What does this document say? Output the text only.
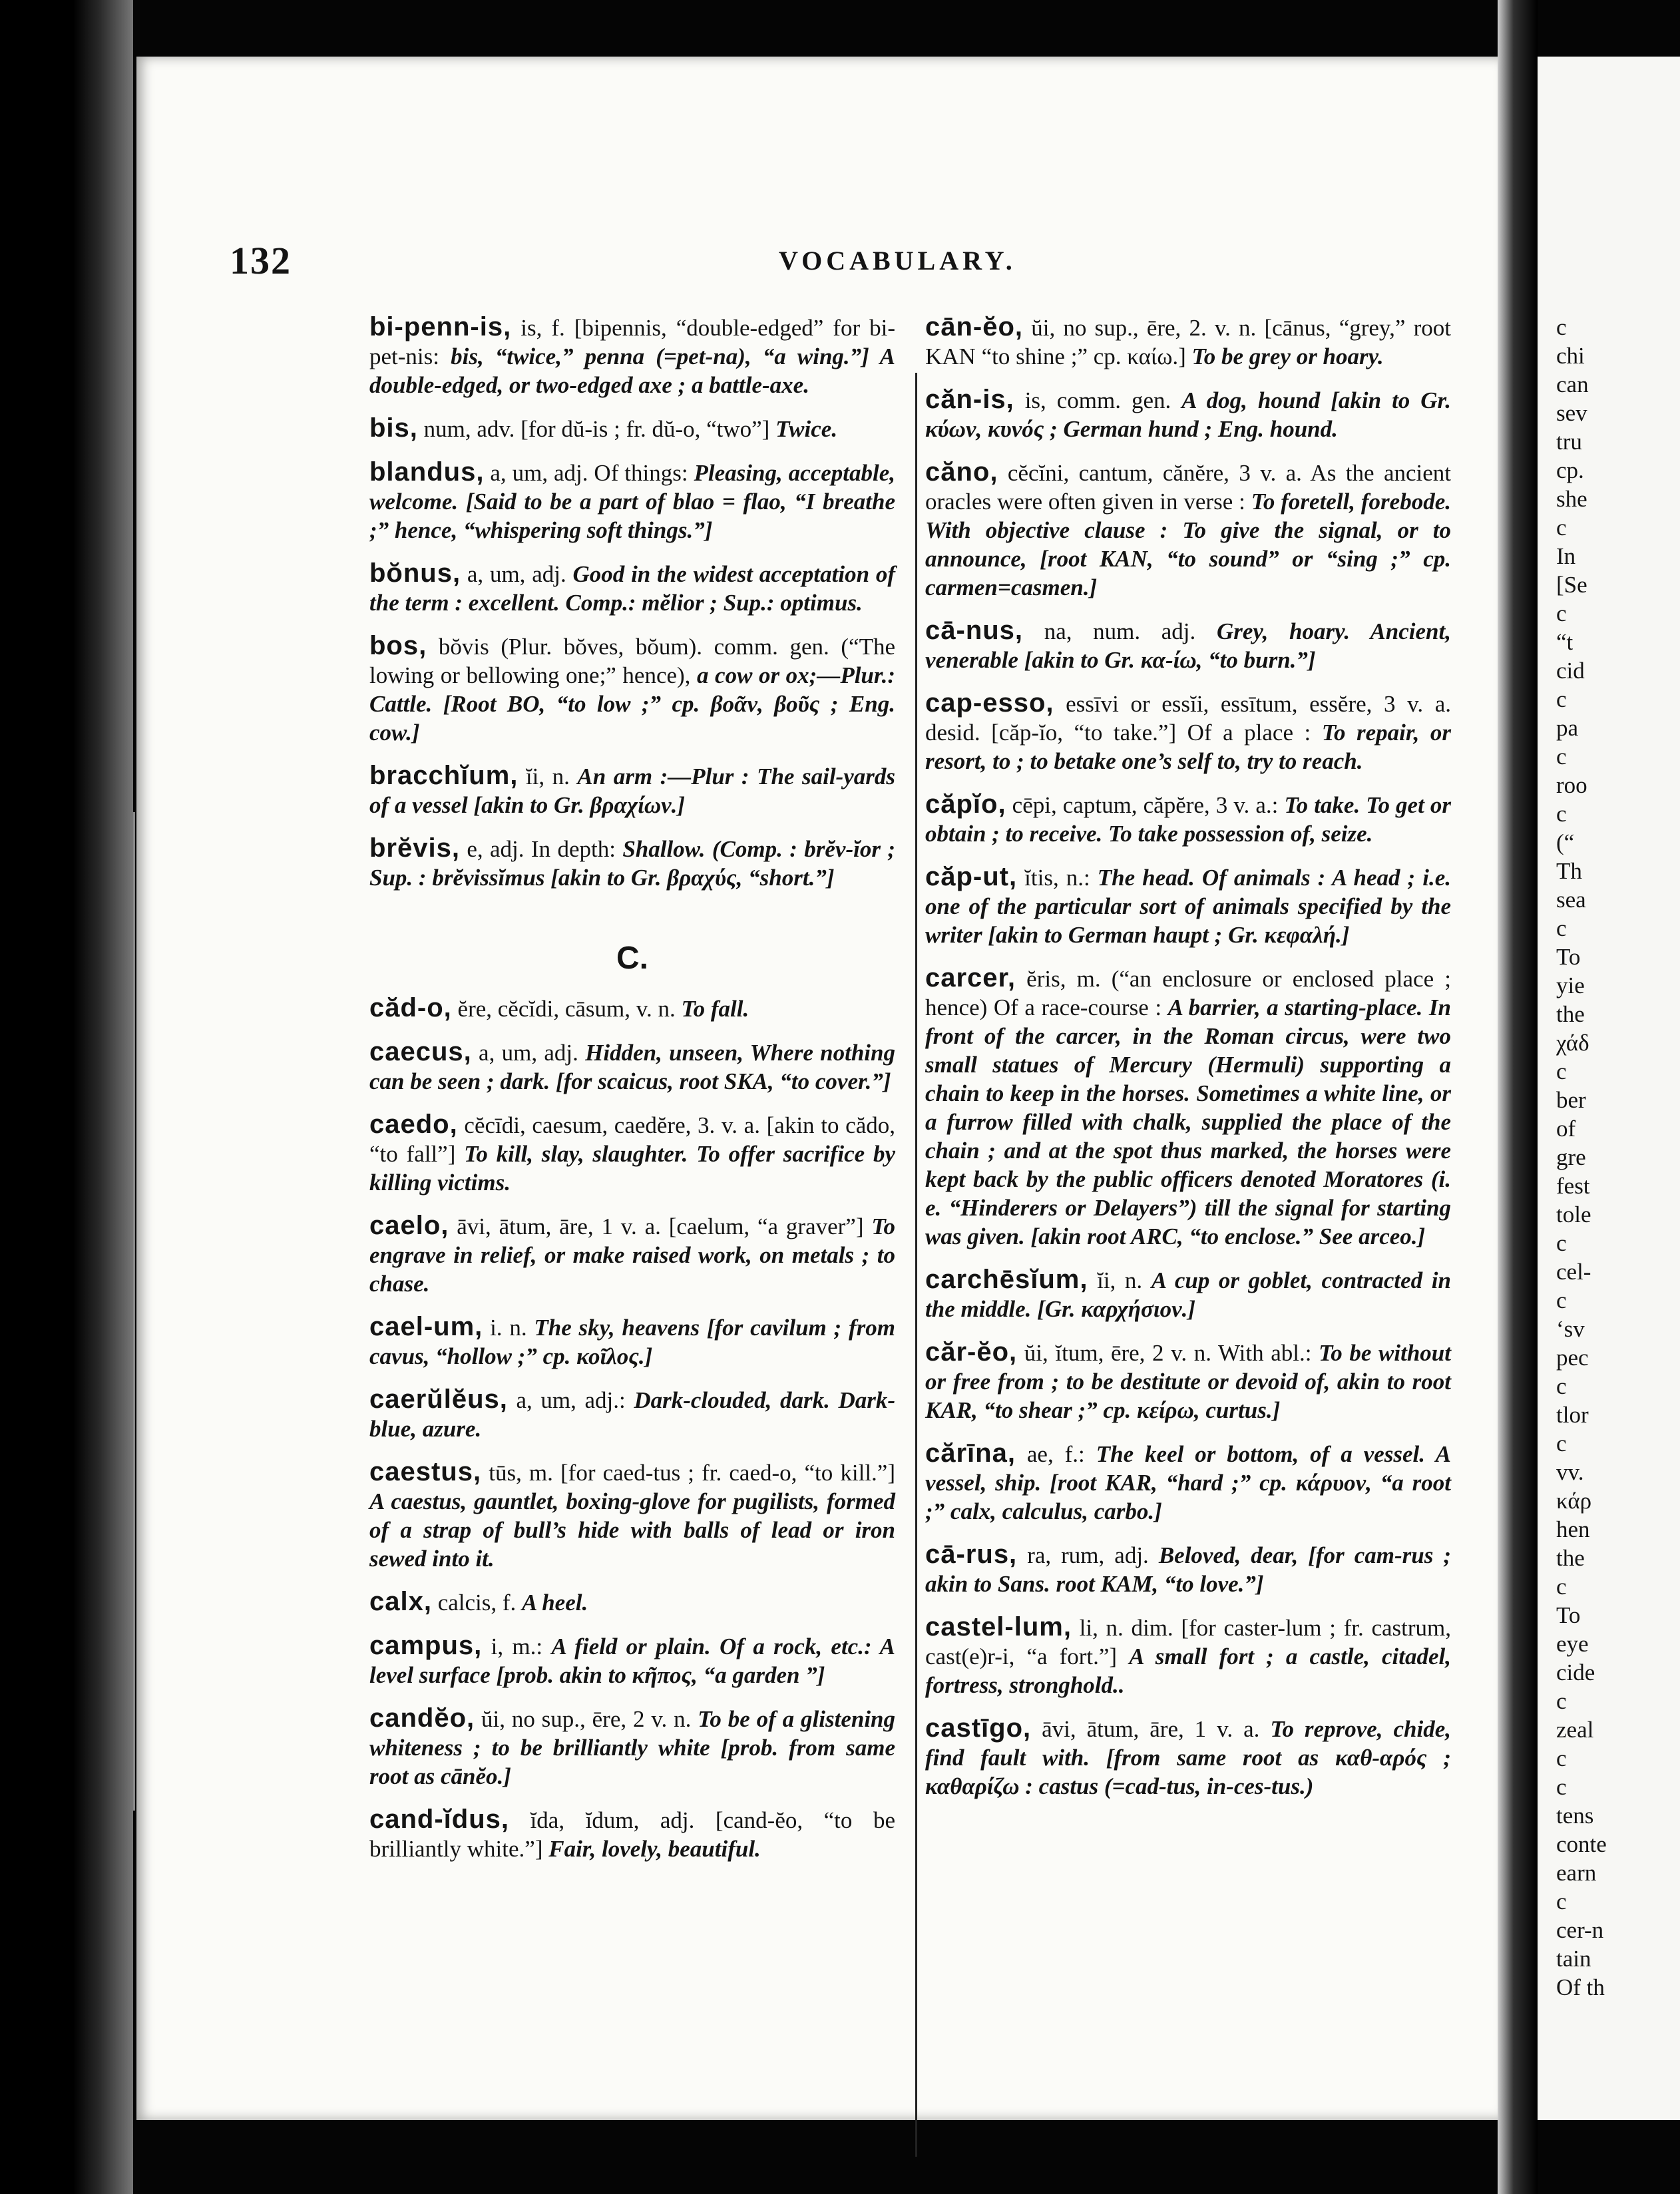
132	VOCABULARY.
bi-penn-is, is, f. [bipennis, “double-edged” for bi-pet-nis: bis, “twice,” penna (=pet-na), “a wing.”] A double-edged, or two-edged axe ; a battle-axe.
bis, num, adv. [for dŭ-is ; fr. dŭ-o, “two”] Twice.
blandus, a, um, adj. Of things: Pleasing, acceptable, welcome. [Said to be a part of blao = flao, “I breathe ;” hence, “whispering soft things.”]
bŏnus, a, um, adj. Good in the widest acceptation of the term : excellent. Comp.: mĕlior ; Sup.: optimus.
bos, bŏvis (Plur. bŏves, bŏum). comm. gen. (“The lowing or bellowing one;” hence), a cow or ox;—Plur.: Cattle. [Root BO, “to low ;” cp. βοᾶν, βοῦς ; Eng. cow.]
bracchĭum, ĭi, n. An arm :—Plur : The sail-yards of a vessel [akin to Gr. βραχίων.]
brĕvis, e, adj. In depth: Shallow. (Comp. : brĕv-ĭor ; Sup. : brĕvissĭmus [akin to Gr. βραχύς, “short.”]
C.
căd-o, ĕre, cĕcĭdi, cāsum, v. n. To fall.
caecus, a, um, adj. Hidden, unseen, Where nothing can be seen ; dark. [for scaicus, root SKA, “to cover.”]
caedo, cĕcīdi, caesum, caedĕre, 3. v. a. [akin to cădo, “to fall”] To kill, slay, slaughter. To offer sacrifice by killing victims.
caelo, āvi, ātum, āre, 1 v. a. [caelum, “a graver”] To engrave in relief, or make raised work, on metals ; to chase.
cael-um, i. n. The sky, heavens [for cavilum ; from cavus, “hollow ;” cp. κοῖλος.]
caerŭlĕus, a, um, adj.: Dark-clouded, dark. Dark-blue, azure.
caestus, tūs, m. [for caed-tus ; fr. caed-o, “to kill.”] A caestus, gauntlet, boxing-glove for pugilists, formed of a strap of bull’s hide with balls of lead or iron sewed into it.
calx, calcis, f. A heel.
campus, i, m.: A field or plain. Of a rock, etc.: A level surface [prob. akin to κῆπος, “a garden ”]
candĕo, ŭi, no sup., ēre, 2 v. n. To be of a glistening whiteness ; to be brilliantly white [prob. from same root as cānĕo.]
cand-ĭdus, ĭda, ĭdum, adj. [cand-ĕo, “to be brilliantly white.”] Fair, lovely, beautiful.
cān-ĕo, ŭi, no sup., ēre, 2. v. n. [cānus, “grey,” root KAN “to shine ;” cp. καίω.] To be grey or hoary.
căn-is, is, comm. gen. A dog, hound [akin to Gr. κύων, κυνός ; German hund ; Eng. hound.
căno, cĕcĭni, cantum, cănĕre, 3 v. a. As the ancient oracles were often given in verse : To foretell, forebode. With objective clause : To give the signal, or to announce, [root KAN, “to sound” or “sing ;” cp. carmen=casmen.]
cā-nus, na, num. adj. Grey, hoary. Ancient, venerable [akin to Gr. κα-ίω, “to burn.”]
cap-esso, essīvi or essĭi, essītum, essĕre, 3 v. a. desid. [căp-ĭo, “to take.”] Of a place : To repair, or resort, to ; to betake one’s self to, try to reach.
căpĭo, cēpi, captum, căpĕre, 3 v. a.: To take. To get or obtain ; to receive. To take possession of, seize.
căp-ut, ĭtis, n.: The head. Of animals : A head ; i.e. one of the particular sort of animals specified by the writer [akin to German haupt ; Gr. κεφαλή.]
carcer, ĕris, m. (“an enclosure or enclosed place ; hence) Of a race-course : A barrier, a starting-place. In front of the carcer, in the Roman circus, were two small statues of Mercury (Hermuli) supporting a chain to keep in the horses. Sometimes a white line, or a furrow filled with chalk, supplied the place of the chain ; and at the spot thus marked, the horses were kept back by the public officers denoted Moratores (i. e. “Hinderers or Delayers”) till the signal for starting was given. [akin root ARC, “to enclose.” See arceo.]
carchēsĭum, ĭi, n. A cup or goblet, contracted in the middle. [Gr. καρχήσιον.]
căr-ĕo, ŭi, ĭtum, ēre, 2 v. n. With abl.: To be without or free from ; to be destitute or devoid of, akin to root KAR, “to shear ;” cp. κείρω, curtus.]
cărīna, ae, f.: The keel or bottom, of a vessel. A vessel, ship. [root KAR, “hard ;” cp. κάρυον, “a root ;” calx, calculus, carbo.]
cā-rus, ra, rum, adj. Beloved, dear, [for cam-rus ; akin to Sans. root KAM, “to love.”]
castel-lum, li, n. dim. [for caster-lum ; fr. castrum, cast(e)r-i, “a fort.”] A small fort ; a castle, citadel, fortress, stronghold..
castīgo, āvi, ātum, āre, 1 v. a. To reprove, chide, find fault with. [from same root as καθ-αρός ; καθαρίζω : castus (=cad-tus, in-ces-tus.)
c
chi
can
sev
tru
cp.
she
c
In
[Se
c
“t
cid
c
pa
c
roo
c
(“
Th
sea
c
To
yie
the
χάδ
c
ber
of
gre
fest
tole
c
cel-
c
‘sv
pec
c
tlor
c
vv.
κάρ
hen
the
c
To
eye
cide
c
zeal
c
c
tens
conte
earn
c
cer-n
tain
Of th
